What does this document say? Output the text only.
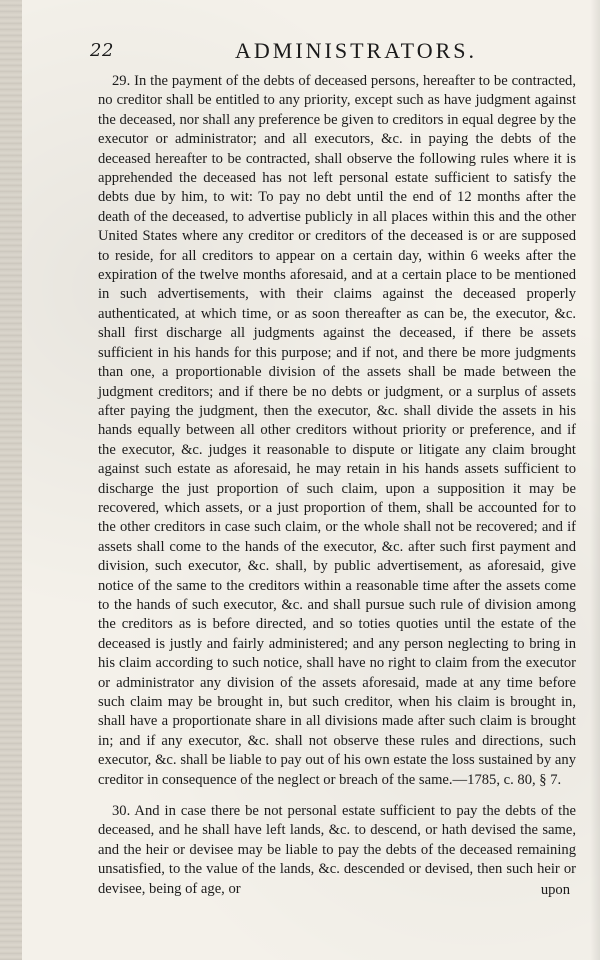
22	ADMINISTRATORS.

29. In the payment of the debts of deceased persons, hereafter to be contracted, no creditor shall be entitled to any priority, except such as have judgment against the deceased, nor shall any preference be given to creditors in equal degree by the executor or administrator; and all executors, &c. in paying the debts of the deceased hereafter to be contracted, shall observe the following rules where it is apprehended the deceased has not left personal estate sufficient to satisfy the debts due by him, to wit: To pay no debt until the end of 12 months after the death of the deceased, to advertise publicly in all places within this and the other United States where any creditor or creditors of the deceased is or are supposed to reside, for all creditors to appear on a certain day, within 6 weeks after the expiration of the twelve months aforesaid, and at a certain place to be mentioned in such advertisements, with their claims against the deceased properly authenticated, at which time, or as soon thereafter as can be, the executor, &c. shall first discharge all judgments against the deceased, if there be assets sufficient in his hands for this purpose; and if not, and there be more judgments than one, a proportionable division of the assets shall be made between the judgment creditors; and if there be no debts or judgment, or a surplus of assets after paying the judgment, then the executor, &c. shall divide the assets in his hands equally between all other creditors without priority or preference, and if the executor, &c. judges it reasonable to dispute or litigate any claim brought against such estate as aforesaid, he may retain in his hands assets sufficient to discharge the just proportion of such claim, upon a supposition it may be recovered, which assets, or a just proportion of them, shall be accounted for to the other creditors in case such claim, or the whole shall not be recovered; and if assets shall come to the hands of the executor, &c. after such first payment and division, such executor, &c. shall, by public advertisement, as aforesaid, give notice of the same to the creditors within a reasonable time after the assets come to the hands of such executor, &c. and shall pursue such rule of division among the creditors as is before directed, and so toties quoties until the estate of the deceased is justly and fairly administered; and any person neglecting to bring in his claim according to such notice, shall have no right to claim from the executor or administrator any division of the assets aforesaid, made at any time before such claim may be brought in, but such creditor, when his claim is brought in, shall have a proportionate share in all divisions made after such claim is brought in; and if any executor, &c. shall not observe these rules and directions, such executor, &c. shall be liable to pay out of his own estate the loss sustained by any creditor in consequence of the neglect or breach of the same.—1785, c. 80, § 7.

30. And in case there be not personal estate sufficient to pay the debts of the deceased, and he shall have left lands, &c. to descend, or hath devised the same, and the heir or devisee may be liable to pay the debts of the deceased remaining unsatisfied, to the value of the lands, &c. descended or devised, then such heir or devisee, being of age, or	upon
